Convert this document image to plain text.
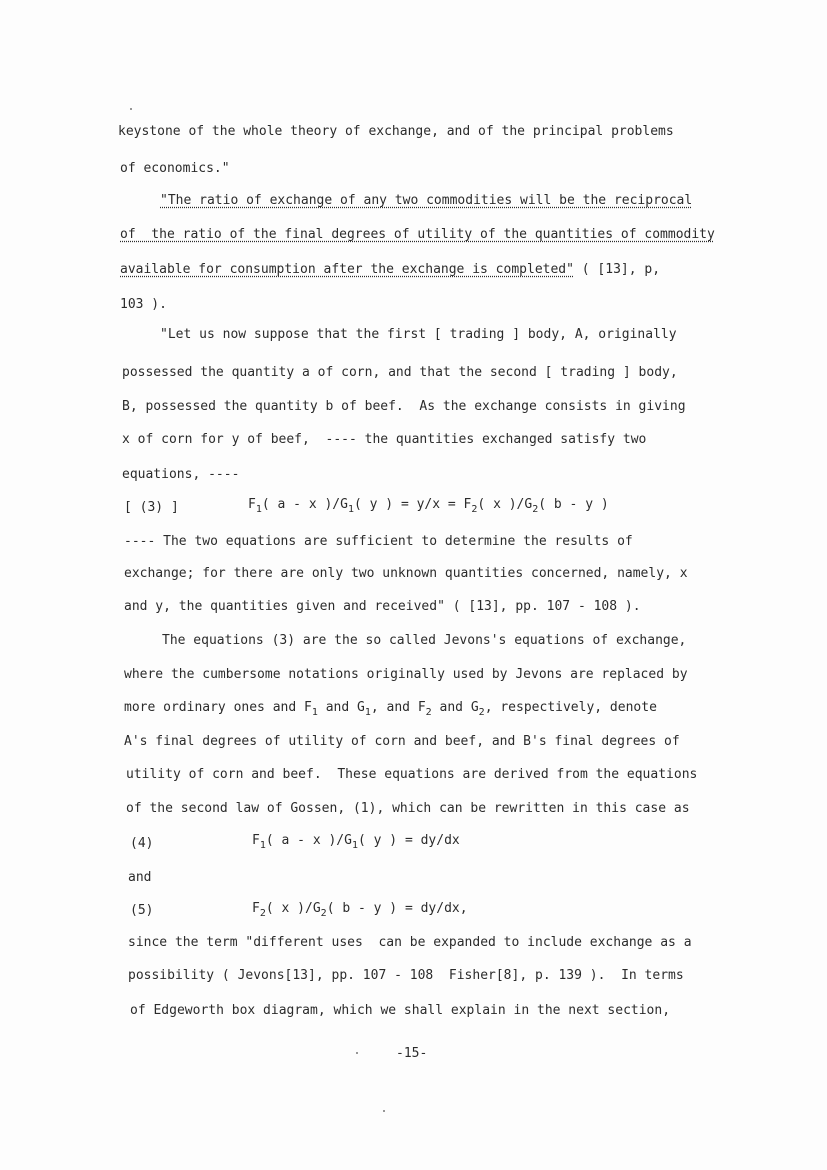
keystone of the whole theory of exchange, and of the principal problems
of economics."
"The ratio of exchange of any two commodities will be the reciprocal
of  the ratio of the final degrees of utility of the quantities of commodity
available for consumption after the exchange is completed" ( [13], p,
103 ).
"Let us now suppose that the first [ trading ] body, A, originally
possessed the quantity a of corn, and that the second [ trading ] body,
B, possessed the quantity b of beef.  As the exchange consists in giving
x of corn for y of beef,  ---- the quantities exchanged satisfy two
equations, ----
[ (3) ]	$F_1$( a - x )$/G_1$( y ) = $y/x = F_2$( x )$/G_2$( b - y )
---- The two equations are sufficient to determine the results of
exchange; for there are only two unknown quantities concerned, namely, x
and y, the quantities given and received" ( [13], pp. 107 - 108 ).
The equations (3) are the so called Jevons's equations of exchange,
where the cumbersome notations originally used by Jevons are replaced by
more ordinary ones and $F_1$ and $G_1$, and $F_2$ and $G_2$, respectively, denote
A's final degrees of utility of corn and beef, and B's final degrees of
utility of corn and beef.  These equations are derived from the equations
of the second law of Gossen, (1), which can be rewritten in this case as
(4)	$F_1$( a - x )$/G_1$( y ) = dy/dx
and
(5)	$F_2$( x )$/G_2$( b - y ) = dy/dx,
since the term "different uses  can be expanded to include exchange as a
possibility ( Jevons[13], pp. 107 - 108  Fisher[8], p. 139 ).  In terms
of Edgeworth box diagram, which we shall explain in the next section,
-15-
